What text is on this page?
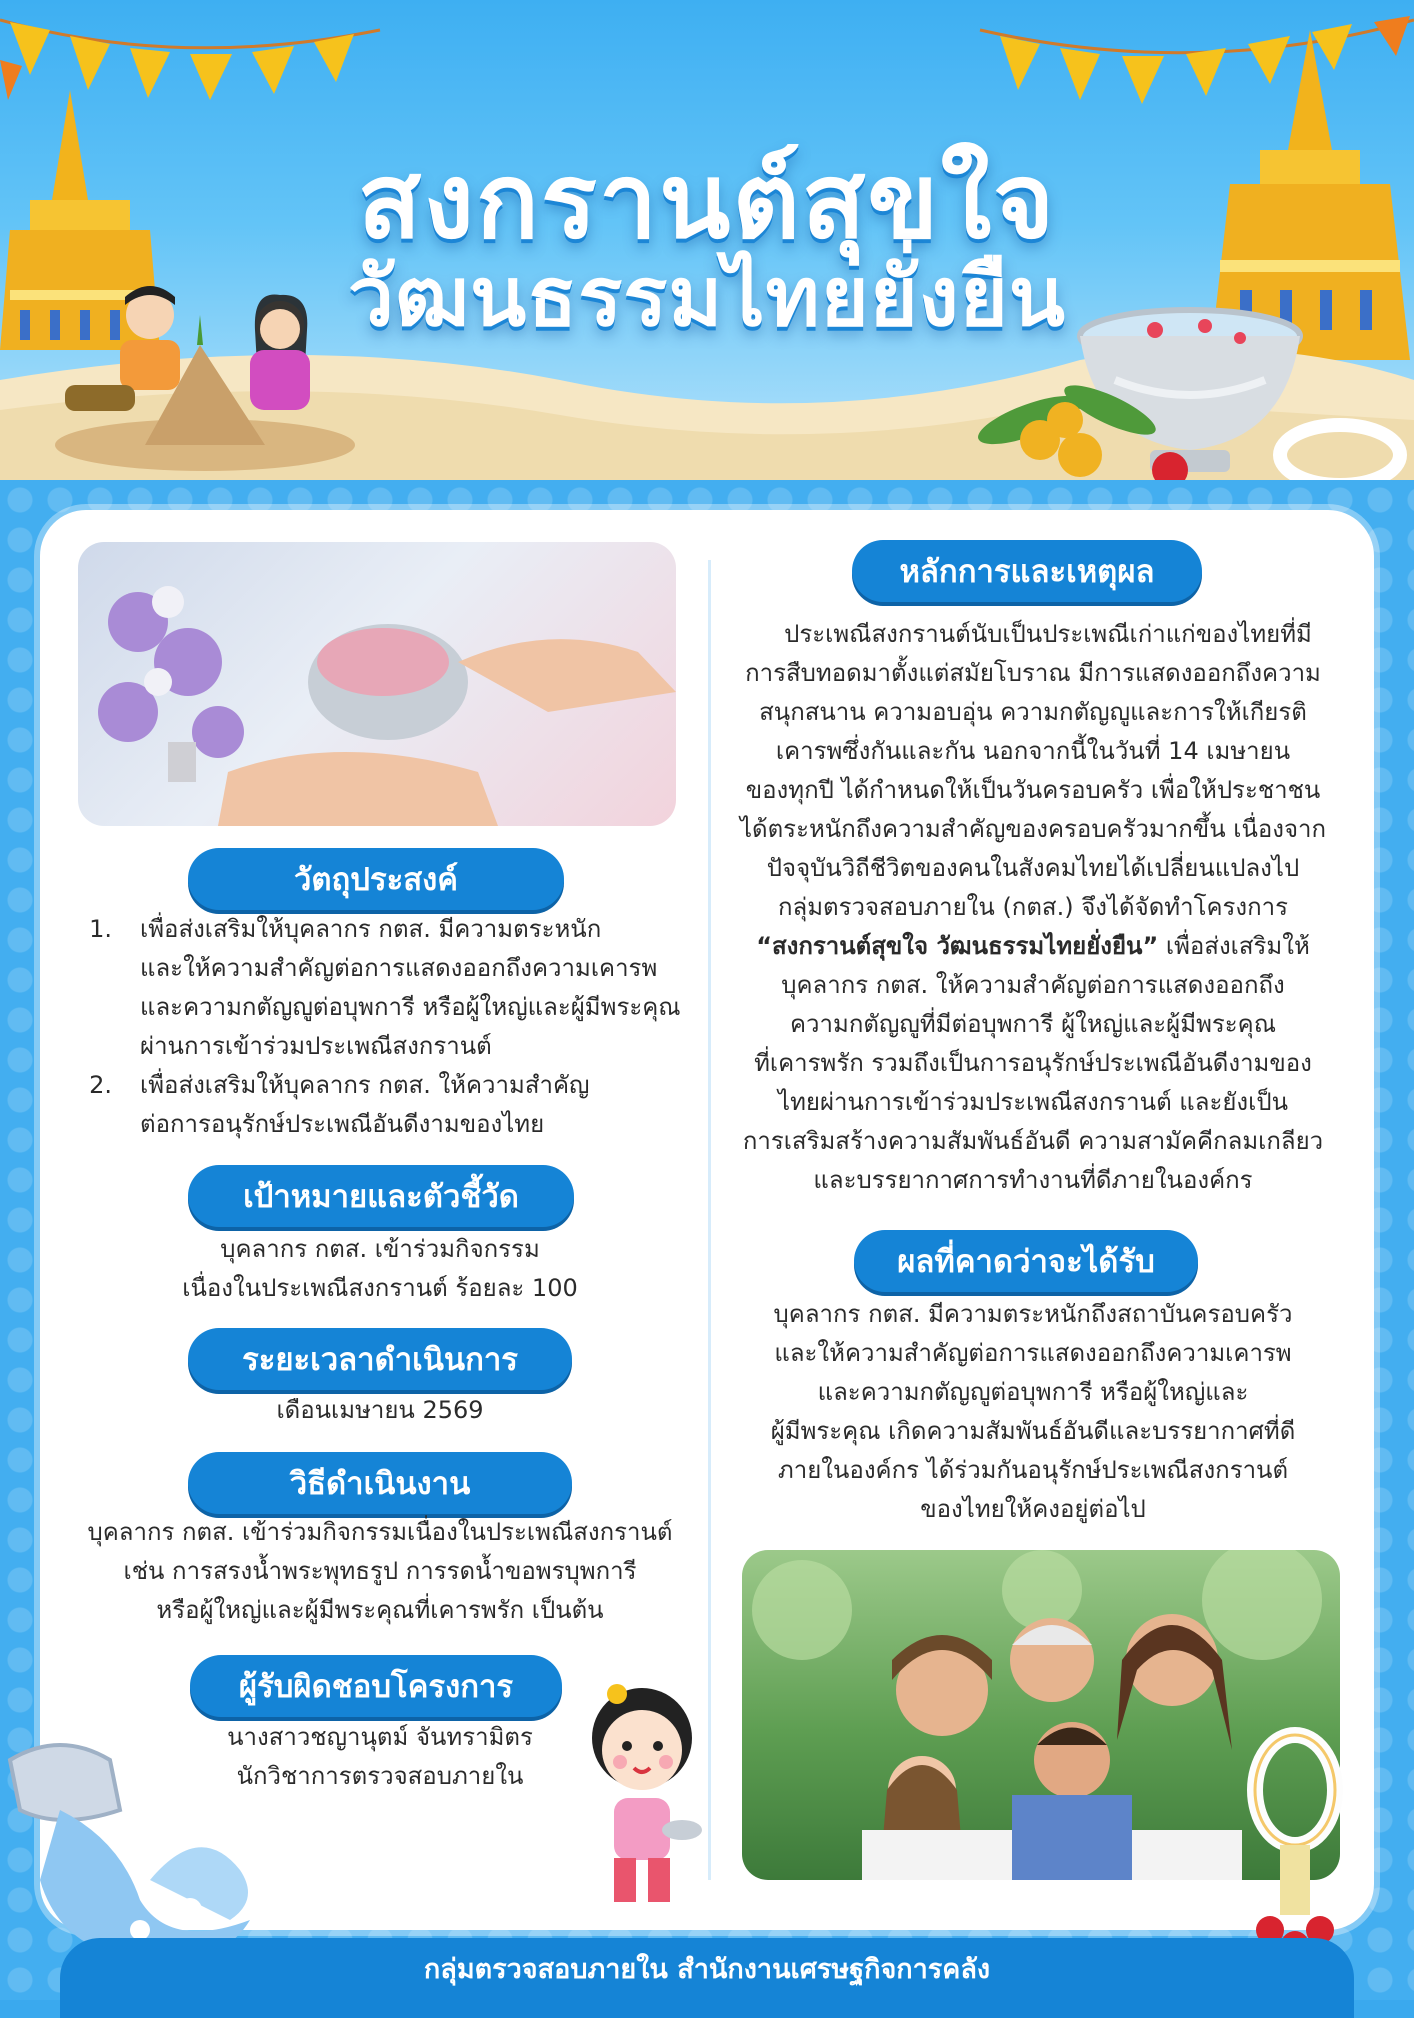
สงกรานต์สุขใจ
วัฒนธรรมไทยยั่งยืน
วัตถุประสงค์
1.	เพื่อส่งเสริมให้บุคลากร กตส. มีความตระหนัก
และให้ความสำคัญต่อการแสดงออกถึงความเคารพ
และความกตัญญูต่อบุพการี หรือผู้ใหญ่และผู้มีพระคุณ
ผ่านการเข้าร่วมประเพณีสงกรานต์
2.	เพื่อส่งเสริมให้บุคลากร กตส. ให้ความสำคัญ
ต่อการอนุรักษ์ประเพณีอันดีงามของไทย
เป้าหมายและตัวชี้วัด
บุคลากร กตส. เข้าร่วมกิจกรรม
เนื่องในประเพณีสงกรานต์ ร้อยละ 100
ระยะเวลาดำเนินการ
เดือนเมษายน 2569
วิธีดำเนินงาน
บุคลากร กตส. เข้าร่วมกิจกรรมเนื่องในประเพณีสงกรานต์
เช่น การสรงน้ำพระพุทธรูป การรดน้ำขอพรบุพการี
หรือผู้ใหญ่และผู้มีพระคุณที่เคารพรัก เป็นต้น
ผู้รับผิดชอบโครงการ
นางสาวชญานุตม์ จันทรามิตร
นักวิชาการตรวจสอบภายใน
หลักการและเหตุผล
ประเพณีสงกรานต์นับเป็นประเพณีเก่าแก่ของไทยที่มี
การสืบทอดมาตั้งแต่สมัยโบราณ มีการแสดงออกถึงความ
สนุกสนาน ความอบอุ่น ความกตัญญูและการให้เกียรติ
เคารพซึ่งกันและกัน นอกจากนี้ในวันที่ 14 เมษายน
ของทุกปี ได้กำหนดให้เป็นวันครอบครัว เพื่อให้ประชาชน
ได้ตระหนักถึงความสำคัญของครอบครัวมากขึ้น เนื่องจาก
ปัจจุบันวิถีชีวิตของคนในสังคมไทยได้เปลี่ยนแปลงไป
กลุ่มตรวจสอบภายใน (กตส.) จึงได้จัดทำโครงการ
“สงกรานต์สุขใจ วัฒนธรรมไทยยั่งยืน” เพื่อส่งเสริมให้
บุคลากร กตส. ให้ความสำคัญต่อการแสดงออกถึง
ความกตัญญูที่มีต่อบุพการี ผู้ใหญ่และผู้มีพระคุณ
ที่เคารพรัก รวมถึงเป็นการอนุรักษ์ประเพณีอันดีงามของ
ไทยผ่านการเข้าร่วมประเพณีสงกรานต์ และยังเป็น
การเสริมสร้างความสัมพันธ์อันดี ความสามัคคีกลมเกลียว
และบรรยากาศการทำงานที่ดีภายในองค์กร
ผลที่คาดว่าจะได้รับ
บุคลากร กตส. มีความตระหนักถึงสถาบันครอบครัว
และให้ความสำคัญต่อการแสดงออกถึงความเคารพ
และความกตัญญูต่อบุพการี หรือผู้ใหญ่และ
ผู้มีพระคุณ เกิดความสัมพันธ์อันดีและบรรยากาศที่ดี
ภายในองค์กร ได้ร่วมกันอนุรักษ์ประเพณีสงกรานต์
ของไทยให้คงอยู่ต่อไป
กลุ่มตรวจสอบภายใน สำนักงานเศรษฐกิจการคลัง
